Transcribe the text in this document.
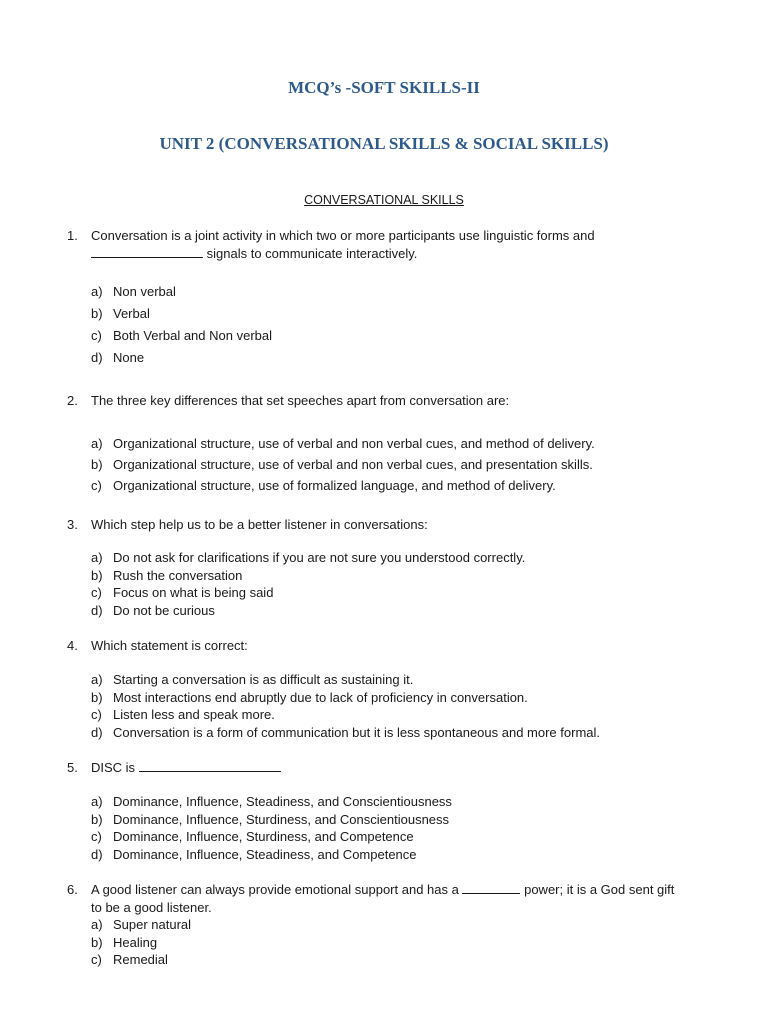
MCQ’s -SOFT SKILLS-II
UNIT 2 (CONVERSATIONAL SKILLS & SOCIAL SKILLS)
CONVERSATIONAL SKILLS
1. Conversation is a joint activity in which two or more participants use linguistic forms and
signals to communicate interactively.
a) Non verbal
b) Verbal
c) Both Verbal and Non verbal
d) None
2. The three key differences that set speeches apart from conversation are:
a) Organizational structure, use of verbal and non verbal cues, and method of delivery.
b) Organizational structure, use of verbal and non verbal cues, and presentation skills.
c) Organizational structure, use of formalized language, and method of delivery.
3. Which step help us to be a better listener in conversations:
a) Do not ask for clarifications if you are not sure you understood correctly.
b) Rush the conversation
c) Focus on what is being said
d) Do not be curious
4. Which statement is correct:
a) Starting a conversation is as difficult as sustaining it.
b) Most interactions end abruptly due to lack of proficiency in conversation.
c) Listen less and speak more.
d) Conversation is a form of communication but it is less spontaneous and more formal.
5. DISC is
a) Dominance, Influence, Steadiness, and Conscientiousness
b) Dominance, Influence, Sturdiness, and Conscientiousness
c) Dominance, Influence, Sturdiness, and Competence
d) Dominance, Influence, Steadiness, and Competence
6. A good listener can always provide emotional support and has a	power; it is a God sent gift
to be a good listener.
a) Super natural
b) Healing
c) Remedial
